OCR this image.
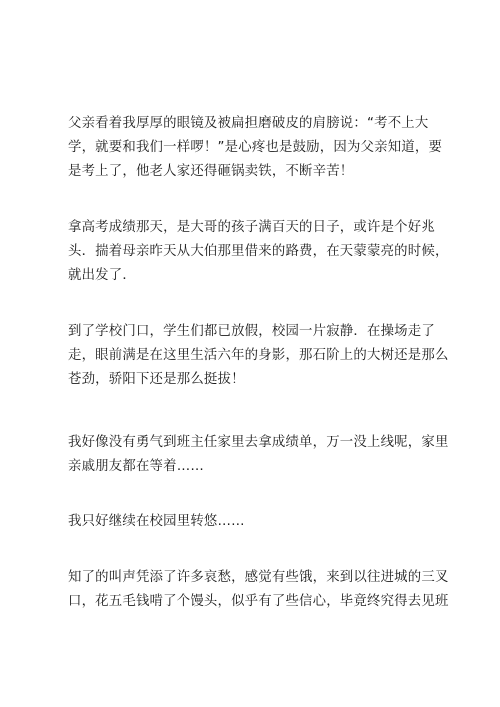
父亲看着我厚厚的眼镜及被扁担磨破皮的肩膀说：“考不上大
学，就要和我们一样啰！”是心疼也是鼓励，因为父亲知道，要
是考上了，他老人家还得砸锅卖铁，不断辛苦！
拿高考成绩那天，是大哥的孩子满百天的日子，或许是个好兆
头．揣着母亲昨天从大伯那里借来的路费，在天蒙蒙亮的时候，
就出发了．
到了学校门口，学生们都已放假，校园一片寂静．在操场走了
走，眼前满是在这里生活六年的身影，那石阶上的大树还是那么
苍劲，骄阳下还是那么挺拔！
我好像没有勇气到班主任家里去拿成绩单，万一没上线呢，家里
亲戚朋友都在等着……
我只好继续在校园里转悠……
知了的叫声凭添了许多哀愁，感觉有些饿，来到以往进城的三叉
口，花五毛钱啃了个馒头，似乎有了些信心，毕竟终究得去见班
